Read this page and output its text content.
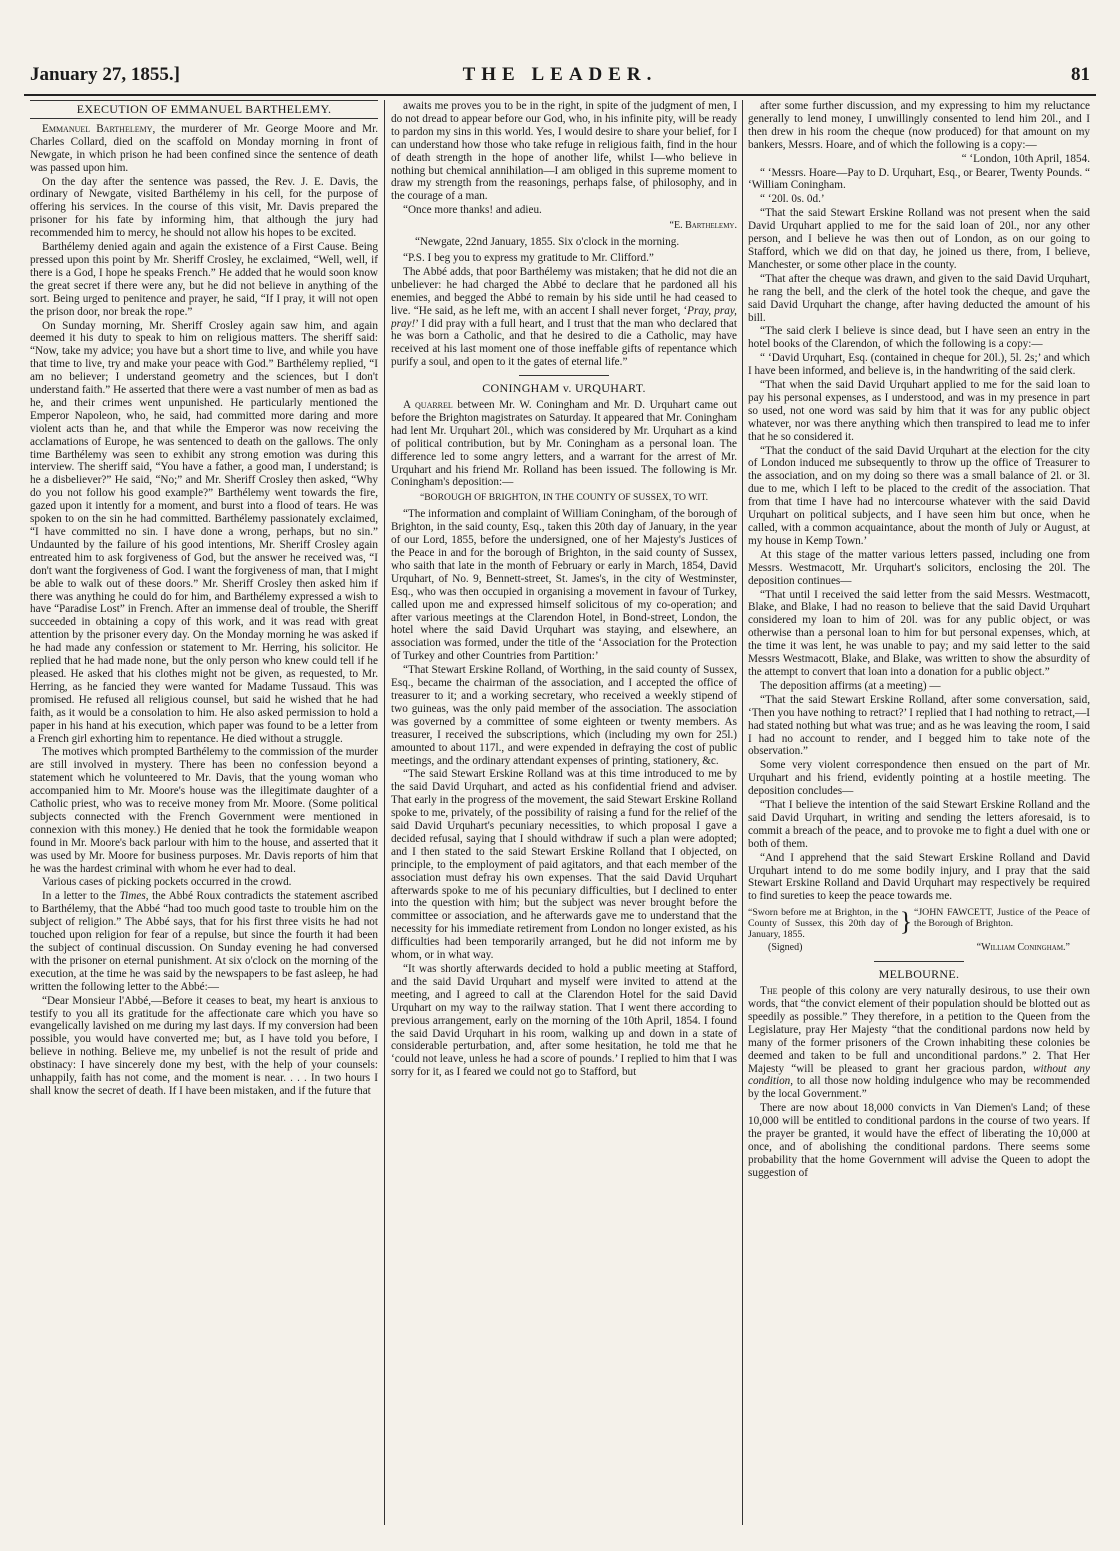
January 27, 1855.]	THE LEADER.	81
EXECUTION OF EMMANUEL BARTHELEMY.

Emmanuel Barthelemy, the murderer of Mr. George Moore and Mr. Charles Collard, died on the scaffold on Monday morning in front of Newgate, in which prison he had been confined since the sentence of death was passed upon him.

On the day after the sentence was passed, the Rev. J. E. Davis, the ordinary of Newgate, visited Barthélemy in his cell, for the purpose of offering his services. In the course of this visit, Mr. Davis prepared the prisoner for his fate by informing him, that although the jury had recommended him to mercy, he should not allow his hopes to be excited.

Barthélemy denied again and again the existence of a First Cause. Being pressed upon this point by Mr. Sheriff Crosley, he exclaimed, “Well, well, if there is a God, I hope he speaks French.” He added that he would soon know the great secret if there were any, but he did not believe in anything of the sort. Being urged to penitence and prayer, he said, “If I pray, it will not open the prison door, nor break the rope.”

On Sunday morning, Mr. Sheriff Crosley again saw him, and again deemed it his duty to speak to him on religious matters. The sheriff said: “Now, take my advice; you have but a short time to live, and while you have that time to live, try and make your peace with God.” Barthélemy replied, “I am no believer; I understand geometry and the sciences, but I don't understand faith.” He asserted that there were a vast number of men as bad as he, and their crimes went unpunished. He particularly mentioned the Emperor Napoleon, who, he said, had committed more daring and more violent acts than he, and that while the Emperor was now receiving the acclamations of Europe, he was sentenced to death on the gallows. The only time Barthélemy was seen to exhibit any strong emotion was during this interview. The sheriff said, “You have a father, a good man, I understand; is he a disbeliever?” He said, “No;” and Mr. Sheriff Crosley then asked, “Why do you not follow his good example?” Barthélemy went towards the fire, gazed upon it intently for a moment, and burst into a flood of tears. He was spoken to on the sin he had committed. Barthélemy passionately exclaimed, “I have committed no sin. I have done a wrong, perhaps, but no sin.” Undaunted by the failure of his good intentions, Mr. Sheriff Crosley again entreated him to ask forgiveness of God, but the answer he received was, “I don't want the forgiveness of God. I want the forgiveness of man, that I might be able to walk out of these doors.” Mr. Sheriff Crosley then asked him if there was anything he could do for him, and Barthélemy expressed a wish to have “Paradise Lost” in French. After an immense deal of trouble, the Sheriff succeeded in obtaining a copy of this work, and it was read with great attention by the prisoner every day. On the Monday morning he was asked if he had made any confession or statement to Mr. Herring, his solicitor. He replied that he had made none, but the only person who knew could tell if he pleased. He asked that his clothes might not be given, as requested, to Mr. Herring, as he fancied they were wanted for Madame Tussaud. This was promised. He refused all religious counsel, but said he wished that he had faith, as it would be a consolation to him. He also asked permission to hold a paper in his hand at his execution, which paper was found to be a letter from a French girl exhorting him to repentance. He died without a struggle.

The motives which prompted Barthélemy to the commission of the murder are still involved in mystery. There has been no confession beyond a statement which he volunteered to Mr. Davis, that the young woman who accompanied him to Mr. Moore's house was the illegitimate daughter of a Catholic priest, who was to receive money from Mr. Moore. (Some political subjects connected with the French Government were mentioned in connexion with this money.) He denied that he took the formidable weapon found in Mr. Moore's back parlour with him to the house, and asserted that it was used by Mr. Moore for business purposes. Mr. Davis reports of him that he was the hardest criminal with whom he ever had to deal.

Various cases of picking pockets occurred in the crowd.

In a letter to the Times, the Abbé Roux contradicts the statement ascribed to Barthélemy, that the Abbé “had too much good taste to trouble him on the subject of religion.” The Abbé says, that for his first three visits he had not touched upon religion for fear of a repulse, but since the fourth it had been the subject of continual discussion. On Sunday evening he had conversed with the prisoner on eternal punishment. At six o'clock on the morning of the execution, at the time he was said by the newspapers to be fast asleep, he had written the following letter to the Abbé:—

“Dear Monsieur l'Abbé,—Before it ceases to beat, my heart is anxious to testify to you all its gratitude for the affectionate care which you have so evangelically lavished on me during my last days. If my conversion had been possible, you would have converted me; but, as I have told you before, I believe in nothing. Believe me, my unbelief is not the result of pride and obstinacy: I have sincerely done my best, with the help of your counsels: unhappily, faith has not come, and the moment is near. . . . In two hours I shall know the secret of death. If I have been mistaken, and if the future that

awaits me proves you to be in the right, in spite of the judgment of men, I do not dread to appear before our God, who, in his infinite pity, will be ready to pardon my sins in this world. Yes, I would desire to share your belief, for I can understand how those who take refuge in religious faith, find in the hour of death strength in the hope of another life, whilst I—who believe in nothing but chemical annihilation—I am obliged in this supreme moment to draw my strength from the reasonings, perhaps false, of philosophy, and in the courage of a man.

“Once more thanks! and adieu.

“E. Barthelemy.
“Newgate, 22nd January, 1855. Six o'clock in the morning.

“P.S. I beg you to express my gratitude to Mr. Clifford.”

The Abbé adds, that poor Barthélemy was mistaken; that he did not die an unbeliever: he had charged the Abbé to declare that he pardoned all his enemies, and begged the Abbé to remain by his side until he had ceased to live. “He said, as he left me, with an accent I shall never forget, ‘Pray, pray, pray!’ I did pray with a full heart, and I trust that the man who declared that he was born a Catholic, and that he desired to die a Catholic, may have received at his last moment one of those ineffable gifts of repentance which purify a soul, and open to it the gates of eternal life.”

CONINGHAM v. URQUHART.

A quarrel between Mr. W. Coningham and Mr. D. Urquhart came out before the Brighton magistrates on Saturday. It appeared that Mr. Coningham had lent Mr. Urquhart 20l., which was considered by Mr. Urquhart as a kind of political contribution, but by Mr. Coningham as a personal loan. The difference led to some angry letters, and a warrant for the arrest of Mr. Urquhart and his friend Mr. Rolland has been issued. The following is Mr. Coningham's deposition:—

“BOROUGH OF BRIGHTON, IN THE COUNTY OF SUSSEX, TO WIT.

“The information and complaint of William Coningham, of the borough of Brighton, in the said county, Esq., taken this 20th day of January, in the year of our Lord, 1855, before the undersigned, one of her Majesty's Justices of the Peace in and for the borough of Brighton, in the said county of Sussex, who saith that late in the month of February or early in March, 1854, David Urquhart, of No. 9, Bennett-street, St. James's, in the city of Westminster, Esq., who was then occupied in organising a movement in favour of Turkey, called upon me and expressed himself solicitous of my co-operation; and after various meetings at the Clarendon Hotel, in Bond-street, London, the hotel where the said David Urquhart was staying, and elsewhere, an association was formed, under the title of the ‘Association for the Protection of Turkey and other Countries from Partition:’

“That Stewart Erskine Rolland, of Worthing, in the said county of Sussex, Esq., became the chairman of the association, and I accepted the office of treasurer to it; and a working secretary, who received a weekly stipend of two guineas, was the only paid member of the association. The association was governed by a committee of some eighteen or twenty members. As treasurer, I received the subscriptions, which (including my own for 25l.) amounted to about 117l., and were expended in defraying the cost of public meetings, and the ordinary attendant expenses of printing, stationery, &c.

“The said Stewart Erskine Rolland was at this time introduced to me by the said David Urquhart, and acted as his confidential friend and adviser. That early in the progress of the movement, the said Stewart Erskine Rolland spoke to me, privately, of the possibility of raising a fund for the relief of the said David Urquhart's pecuniary necessities, to which proposal I gave a decided refusal, saying that I should withdraw if such a plan were adopted; and I then stated to the said Stewart Erskine Rolland that I objected, on principle, to the employment of paid agitators, and that each member of the association must defray his own expenses. That the said David Urquhart afterwards spoke to me of his pecuniary difficulties, but I declined to enter into the question with him; but the subject was never brought before the committee or association, and he afterwards gave me to understand that the necessity for his immediate retirement from London no longer existed, as his difficulties had been temporarily arranged, but he did not inform me by whom, or in what way.

“It was shortly afterwards decided to hold a public meeting at Stafford, and the said David Urquhart and myself were invited to attend at the meeting, and I agreed to call at the Clarendon Hotel for the said David Urquhart on my way to the railway station. That I went there according to previous arrangement, early on the morning of the 10th April, 1854. I found the said David Urquhart in his room, walking up and down in a state of considerable perturbation, and, after some hesitation, he told me that he ‘could not leave, unless he had a score of pounds.’ I replied to him that I was sorry for it, as I feared we could not go to Stafford, but

after some further discussion, and my expressing to him my reluctance generally to lend money, I unwillingly consented to lend him 20l., and I then drew in his room the cheque (now produced) for that amount on my bankers, Messrs. Hoare, and of which the following is a copy:—

“ ‘London, 10th April, 1854.

“ ‘Messrs. Hoare—Pay to D. Urquhart, Esq., or Bearer, Twenty Pounds. “ ‘William Coningham.

“ ‘20l. 0s. 0d.’

“That the said Stewart Erskine Rolland was not present when the said David Urquhart applied to me for the said loan of 20l., nor any other person, and I believe he was then out of London, as on our going to Stafford, which we did on that day, he joined us there, from, I believe, Manchester, or some other place in the county.

“That after the cheque was drawn, and given to the said David Urquhart, he rang the bell, and the clerk of the hotel took the cheque, and gave the said David Urquhart the change, after having deducted the amount of his bill.

“The said clerk I believe is since dead, but I have seen an entry in the hotel books of the Clarendon, of which the following is a copy:—

“ ‘David Urquhart, Esq. (contained in cheque for 20l.), 5l. 2s;’ and which I have been informed, and believe is, in the handwriting of the said clerk.

“That when the said David Urquhart applied to me for the said loan to pay his personal expenses, as I understood, and was in my presence in part so used, not one word was said by him that it was for any public object whatever, nor was there anything which then transpired to lead me to infer that he so considered it.

“That the conduct of the said David Urquhart at the election for the city of London induced me subsequently to throw up the office of Treasurer to the association, and on my doing so there was a small balance of 2l. or 3l. due to me, which I left to be placed to the credit of the association. That from that time I have had no intercourse whatever with the said David Urquhart on political subjects, and I have seen him but once, when he called, with a common acquaintance, about the month of July or August, at my house in Kemp Town.’

At this stage of the matter various letters passed, including one from Messrs. Westmacott, Mr. Urquhart's solicitors, enclosing the 20l. The deposition continues—

“That until I received the said letter from the said Messrs. Westmacott, Blake, and Blake, I had no reason to believe that the said David Urquhart considered my loan to him of 20l. was for any public object, or was otherwise than a personal loan to him for but personal expenses, which, at the time it was lent, he was unable to pay; and my said letter to the said Messrs Westmacott, Blake, and Blake, was written to show the absurdity of the attempt to convert that loan into a donation for a public object.”

The deposition affirms (at a meeting) —

“That the said Stewart Erskine Rolland, after some conversation, said, ‘Then you have nothing to retract?’ I replied that I had nothing to retract,—I had stated nothing but what was true; and as he was leaving the room, I said I had no account to render, and I begged him to take note of the observation.”

Some very violent correspondence then ensued on the part of Mr. Urquhart and his friend, evidently pointing at a hostile meeting. The deposition concludes—

“That I believe the intention of the said Stewart Erskine Rolland and the said David Urquhart, in writing and sending the letters aforesaid, is to commit a breach of the peace, and to provoke me to fight a duel with one or both of them.

“And I apprehend that the said Stewart Erskine Rolland and David Urquhart intend to do me some bodily injury, and I pray that the said Stewart Erskine Rolland and David Urquhart may respectively be required to find sureties to keep the peace towards me.

“Sworn before me at Brighton, in the County of Sussex, this 20th day of January, 1855.	} “JOHN FAWCETT, Justice of the Peace of the Borough of Brighton.
(Signed)	“William Coningham.”
MELBOURNE.

The people of this colony are very naturally desirous, to use their own words, that “the convict element of their population should be blotted out as speedily as possible.” They therefore, in a petition to the Queen from the Legislature, pray Her Majesty “that the conditional pardons now held by many of the former prisoners of the Crown inhabiting these colonies be deemed and taken to be full and unconditional pardons.” 2. That Her Majesty “will be pleased to grant her gracious pardon, without any condition, to all those now holding indulgence who may be recommended by the local Government.”

There are now about 18,000 convicts in Van Diemen's Land; of these 10,000 will be entitled to conditional pardons in the course of two years. If the prayer be granted, it would have the effect of liberating the 10,000 at once, and of abolishing the conditional pardons. There seems some probability that the home Government will advise the Queen to adopt the suggestion of
